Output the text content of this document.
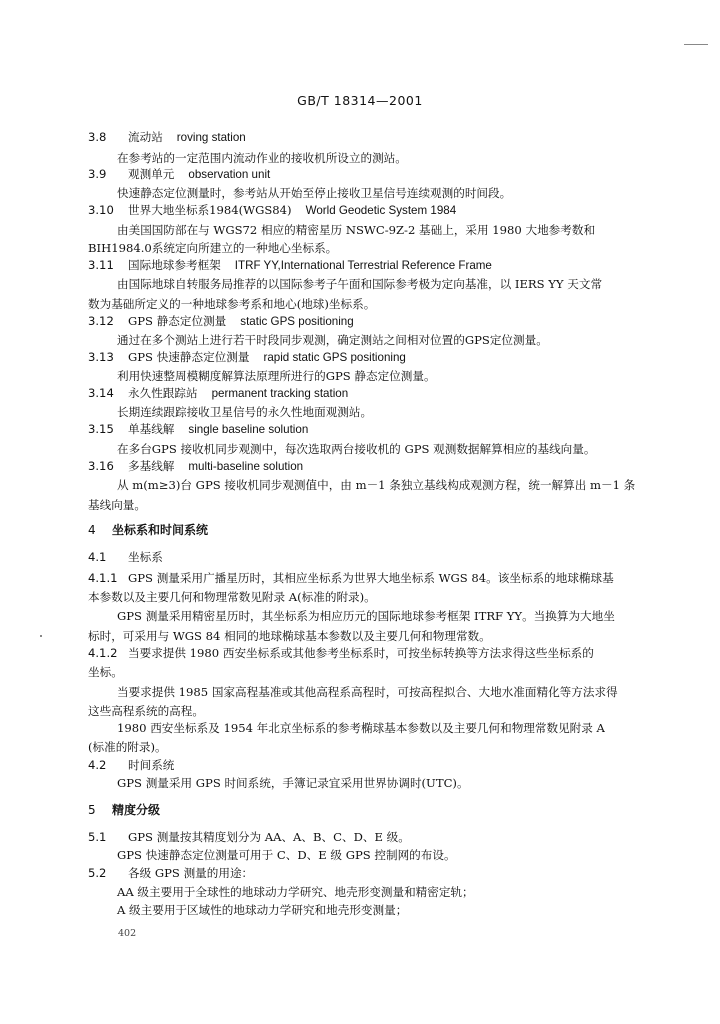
GB/T 18314—2001
3.8 流动站 roving station
在参考站的一定范围内流动作业的接收机所设立的测站。
3.9 观测单元 observation unit
快速静态定位测量时，参考站从开始至停止接收卫星信号连续观测的时间段。
3.10 世界大地坐标系1984(WGS84) World Geodetic System 1984
由美国国防部在与 WGS72 相应的精密星历 NSWC-9Z-2 基础上，采用 1980 大地参考数和
BIH1984.0系统定向所建立的一种地心坐标系。
3.11 国际地球参考框架 ITRF YY,International Terrestrial Reference Frame
由国际地球自转服务局推荐的以国际参考子午面和国际参考极为定向基准，以 IERS YY 天文常
数为基础所定义的一种地球参考系和地心(地球)坐标系。
3.12 GPS 静态定位测量 static GPS positioning
通过在多个测站上进行若干时段同步观测，确定测站之间相对位置的GPS定位测量。
3.13 GPS 快速静态定位测量 rapid static GPS positioning
利用快速整周模糊度解算法原理所进行的GPS 静态定位测量。
3.14 永久性跟踪站 permanent tracking station
长期连续跟踪接收卫星信号的永久性地面观测站。
3.15 单基线解 single baseline solution
在多台GPS 接收机同步观测中，每次选取两台接收机的 GPS 观测数据解算相应的基线向量。
3.16 多基线解 multi-baseline solution
从 m(m≥3)台 GPS 接收机同步观测值中，由 m－1 条独立基线构成观测方程，统一解算出 m－1 条
基线向量。
4 坐标系和时间系统
4.1 坐标系
4.1.1 GPS 测量采用广播星历时，其相应坐标系为世界大地坐标系 WGS 84。该坐标系的地球椭球基
本参数以及主要几何和物理常数见附录 A(标准的附录)。
GPS 测量采用精密星历时，其坐标系为相应历元的国际地球参考框架 ITRF YY。当换算为大地坐
标时，可采用与 WGS 84 相同的地球椭球基本参数以及主要几何和物理常数。
4.1.2 当要求提供 1980 西安坐标系或其他参考坐标系时，可按坐标转换等方法求得这些坐标系的
坐标。
当要求提供 1985 国家高程基准或其他高程系高程时，可按高程拟合、大地水准面精化等方法求得
这些高程系统的高程。
1980 西安坐标系及 1954 年北京坐标系的参考椭球基本参数以及主要几何和物理常数见附录 A
(标准的附录)。
4.2 时间系统
GPS 测量采用 GPS 时间系统，手簿记录宜采用世界协调时(UTC)。
5 精度分级
5.1 GPS 测量按其精度划分为 AA、A、B、C、D、E 级。
GPS 快速静态定位测量可用于 C、D、E 级 GPS 控制网的布设。
5.2 各级 GPS 测量的用途：
AA 级主要用于全球性的地球动力学研究、地壳形变测量和精密定轨；
A 级主要用于区域性的地球动力学研究和地壳形变测量；
402
